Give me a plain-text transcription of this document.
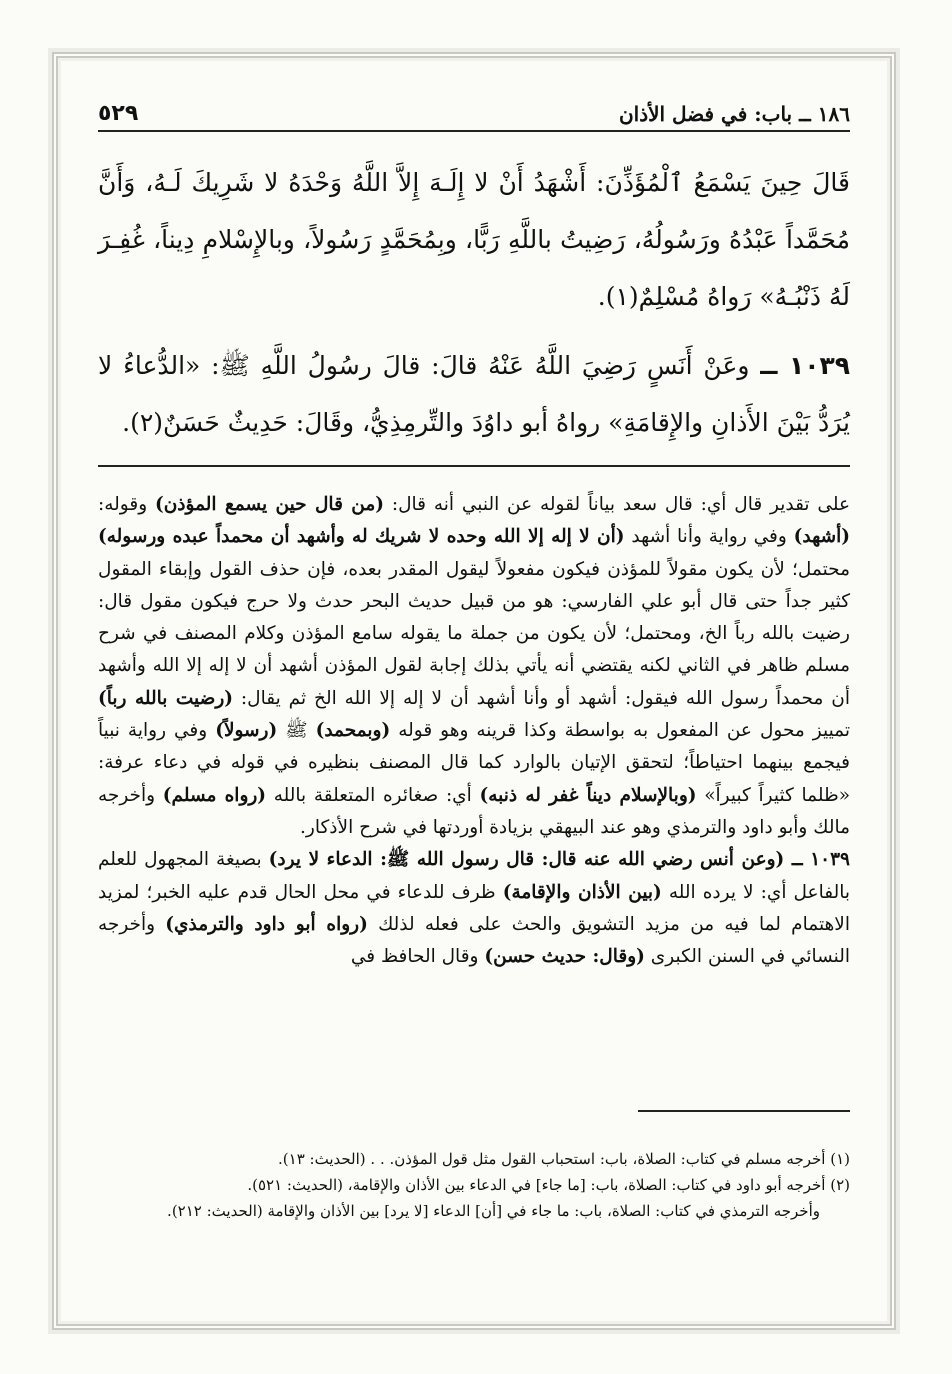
١٨٦ ــ باب: في فضل الأذان
٥٢٩

قَالَ حِينَ يَسْمَعُ ٱلْمُؤَذِّنَ: أَشْهَدُ أَنْ لا إِلَـهَ إِلاَّ اللَّهُ وَحْدَهُ لا شَرِيكَ لَـهُ، وَأَنَّ مُحَمَّداً عَبْدُهُ ورَسُولُهُ، رَضِيتُ باللَّهِ رَبًّا، وبِمُحَمَّدٍ رَسُولاً، وبالإِسْلامِ دِيناً، غُفِـرَ لَهُ ذَنْبُـهُ» رَواهُ مُسْلِمٌ(١).

١٠٣٩ ــ وعَنْ أَنَسٍ رَضِيَ اللَّهُ عَنْهُ قالَ: قالَ رسُولُ اللَّهِ ﷺ: «الدُّعاءُ لا يُرَدُّ بَيْنَ الأَذانِ والإِقامَةِ» رواهُ أبو داوُدَ والتِّرمِذِيُّ، وقَالَ: حَدِيثٌ حَسَنٌ(٢).

على تقدير قال أي: قال سعد بياناً لقوله عن النبي أنه قال: (من قال حين يسمع المؤذن) وقوله: (أشهد) وفي رواية وأنا أشهد (أن لا إله إلا الله وحده لا شريك له وأشهد أن محمداً عبده ورسوله) محتمل؛ لأن يكون مقولاً للمؤذن فيكون مفعولاً ليقول المقدر بعده، فإن حذف القول وإبقاء المقول كثير جداً حتى قال أبو علي الفارسي: هو من قبيل حديث البحر حدث ولا حرج فيكون مقول قال: رضيت بالله رباً الخ، ومحتمل؛ لأن يكون من جملة ما يقوله سامع المؤذن وكلام المصنف في شرح مسلم ظاهر في الثاني لكنه يقتضي أنه يأتي بذلك إجابة لقول المؤذن أشهد أن لا إله إلا الله وأشهد أن محمداً رسول الله فيقول: أشهد أو وأنا أشهد أن لا إله إلا الله الخ ثم يقال: (رضيت بالله رباً) تمييز محول عن المفعول به بواسطة وكذا قرينه وهو قوله (وبمحمد) ﷺ (رسولاً) وفي رواية نبياً فيجمع بينهما احتياطاً؛ لتحقق الإتيان بالوارد كما قال المصنف بنظيره في قوله في دعاء عرفة: «ظلما كثيراً كبيراً» (وبالإسلام ديناً غفر له ذنبه) أي: صغائره المتعلقة بالله (رواه مسلم) وأخرجه مالك وأبو داود والترمذي وهو عند البيهقي بزيادة أوردتها في شرح الأذكار.

١٠٣٩ ــ (وعن أنس رضي الله عنه قال: قال رسول الله ﷺ: الدعاء لا يرد) بصيغة المجهول للعلم بالفاعل أي: لا يرده الله (بين الأذان والإقامة) ظرف للدعاء في محل الحال قدم عليه الخبر؛ لمزيد الاهتمام لما فيه من مزيد التشويق والحث على فعله لذلك (رواه أبو داود والترمذي) وأخرجه النسائي في السنن الكبرى (وقال: حديث حسن) وقال الحافظ في

(١) أخرجه مسلم في كتاب: الصلاة، باب: استحباب القول مثل قول المؤذن. . . (الحديث: ١٣).

(٢) أخرجه أبو داود في كتاب: الصلاة، باب: [ما جاء] في الدعاء بين الأذان والإقامة، (الحديث: ٥٢١).

وأخرجه الترمذي في كتاب: الصلاة، باب: ما جاء في [أن] الدعاء [لا يرد] بين الأذان والإقامة (الحديث: ٢١٢).
